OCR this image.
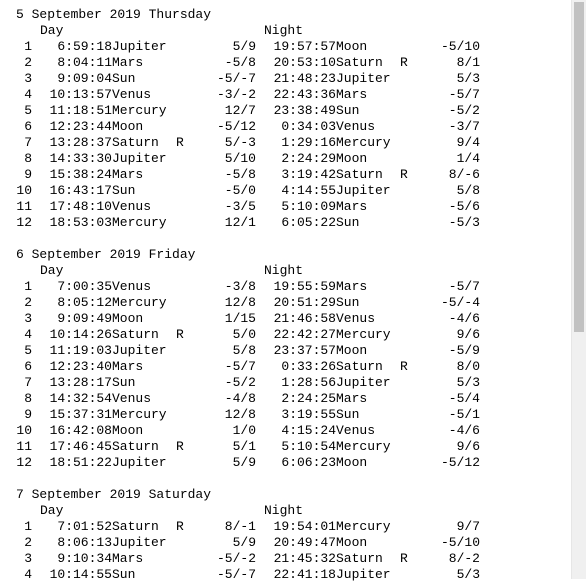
5 September 2019 Thursday
Day	Night
1	6:59:18 Jupiter	5/9	19:57:57 Moon	-5/10
2	8:04:11 Mars	-5/8	20:53:10 Saturn R	8/1
3	9:09:04 Sun	-5/-7	21:48:23 Jupiter	5/3
4	10:13:57 Venus	-3/-2	22:43:36 Mars	-5/7
5	11:18:51 Mercury	12/7	23:38:49 Sun	-5/2
6	12:23:44 Moon	-5/12	0:34:03 Venus	-3/7
7	13:28:37 Saturn R	5/-3	1:29:16 Mercury	9/4
8	14:33:30 Jupiter	5/10	2:24:29 Moon	1/4
9	15:38:24 Mars	-5/8	3:19:42 Saturn R	8/-6
10	16:43:17 Sun	-5/0	4:14:55 Jupiter	5/8
11	17:48:10 Venus	-3/5	5:10:09 Mars	-5/6
12	18:53:03 Mercury	12/1	6:05:22 Sun	-5/3
6 September 2019 Friday
Day	Night
1	7:00:35 Venus	-3/8	19:55:59 Mars	-5/7
2	8:05:12 Mercury	12/8	20:51:29 Sun	-5/-4
3	9:09:49 Moon	1/15	21:46:58 Venus	-4/6
4	10:14:26 Saturn R	5/0	22:42:27 Mercury	9/6
5	11:19:03 Jupiter	5/8	23:37:57 Moon	-5/9
6	12:23:40 Mars	-5/7	0:33:26 Saturn R	8/0
7	13:28:17 Sun	-5/2	1:28:56 Jupiter	5/3
8	14:32:54 Venus	-4/8	2:24:25 Mars	-5/4
9	15:37:31 Mercury	12/8	3:19:55 Sun	-5/1
10	16:42:08 Moon	1/0	4:15:24 Venus	-4/6
11	17:46:45 Saturn R	5/1	5:10:54 Mercury	9/6
12	18:51:22 Jupiter	5/9	6:06:23 Moon	-5/12
7 September 2019 Saturday
Day	Night
1	7:01:52 Saturn R	8/-1	19:54:01 Mercury	9/7
2	8:06:13 Jupiter	5/9	20:49:47 Moon	-5/10
3	9:10:34 Mars	-5/-2	21:45:32 Saturn R	8/-2
4	10:14:55 Sun	-5/-7	22:41:18 Jupiter	5/3
